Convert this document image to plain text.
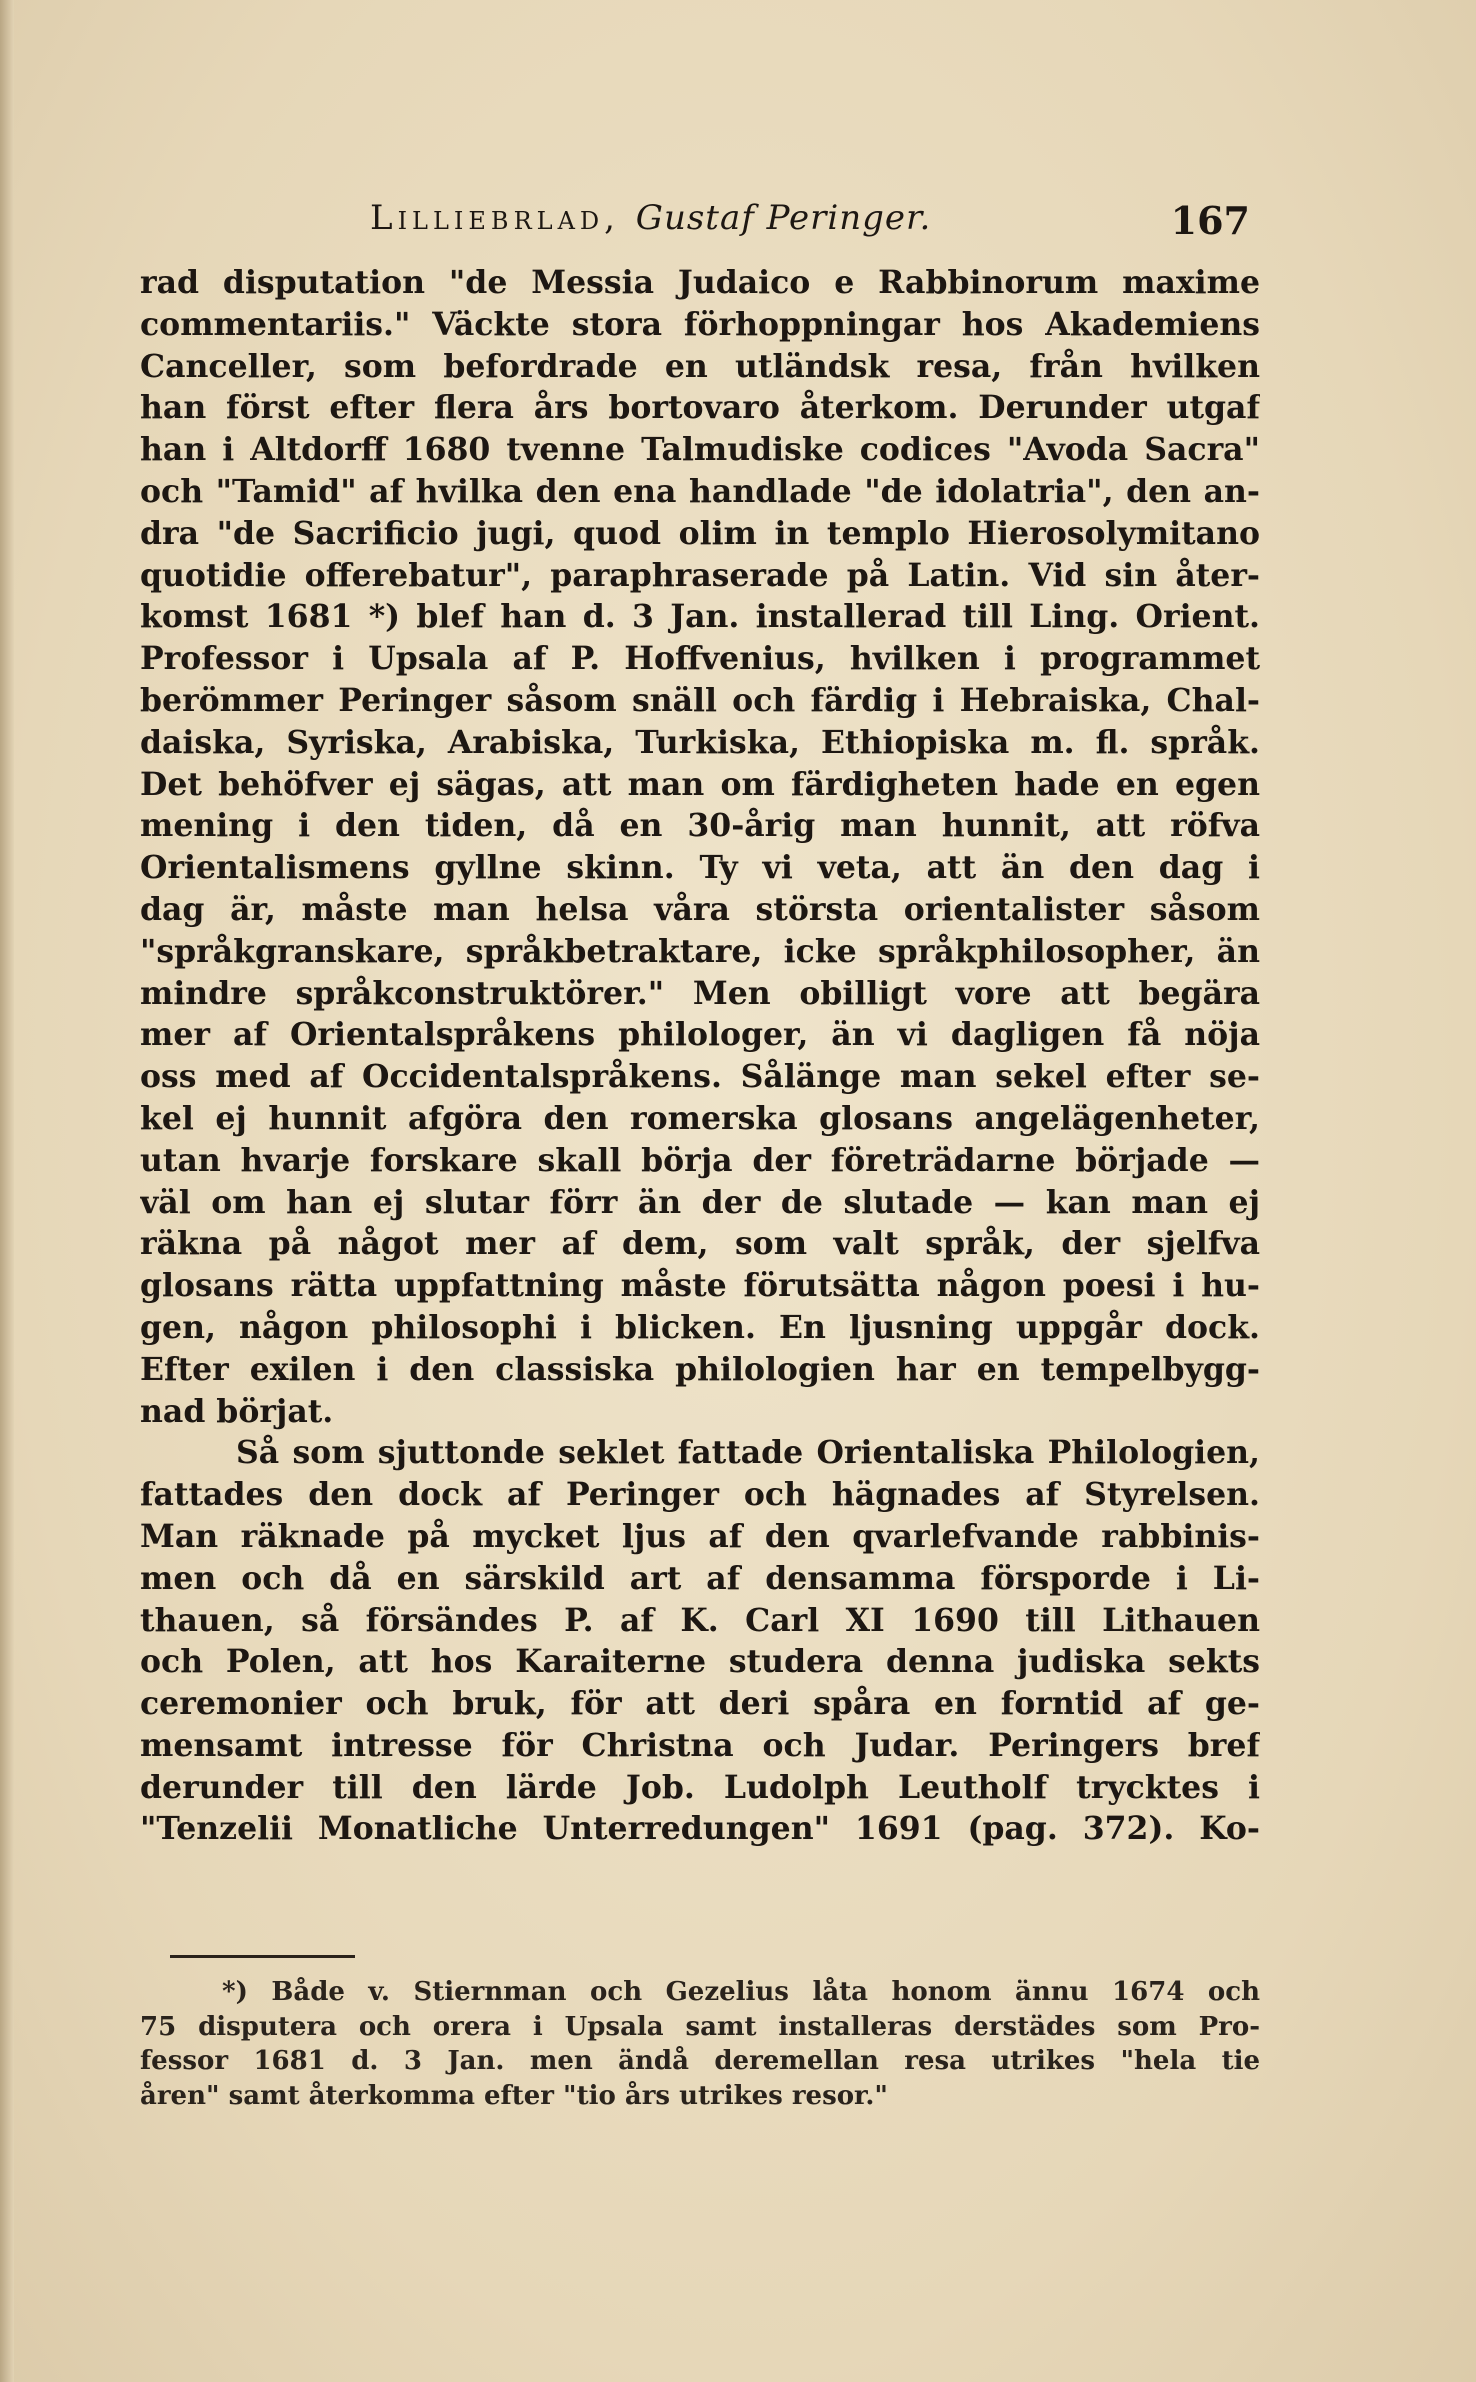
Lilliebrlad, Gustaf Peringer.	167
rad disputation "de Messia Judaico e Rabbinorum maxime
commentariis." Väckte stora förhoppningar hos Akademiens
Canceller, som befordrade en utländsk resa, från hvilken
han först efter flera års bortovaro återkom. Derunder utgaf
han i Altdorff 1680 tvenne Talmudiske codices "Avoda Sacra"
och "Tamid" af hvilka den ena handlade "de idolatria", den an-
dra "de Sacrificio jugi, quod olim in templo Hierosolymitano
quotidie offerebatur", paraphraserade på Latin. Vid sin åter-
komst 1681 *) blef han d. 3 Jan. installerad till Ling. Orient.
Professor i Upsala af P. Hoffvenius, hvilken i programmet
berömmer Peringer såsom snäll och färdig i Hebraiska, Chal-
daiska, Syriska, Arabiska, Turkiska, Ethiopiska m. fl. språk.
Det behöfver ej sägas, att man om färdigheten hade en egen
mening i den tiden, då en 30-årig man hunnit, att röfva
Orientalismens gyllne skinn. Ty vi veta, att än den dag i
dag är, måste man helsa våra största orientalister såsom
"språkgranskare, språkbetraktare, icke språkphilosopher, än
mindre språkconstruktörer." Men obilligt vore att begära
mer af Orientalspråkens philologer, än vi dagligen få nöja
oss med af Occidentalspråkens. Sålänge man sekel efter se-
kel ej hunnit afgöra den romerska glosans angelägenheter,
utan hvarje forskare skall börja der företrädarne började —
väl om han ej slutar förr än der de slutade — kan man ej
räkna på något mer af dem, som valt språk, der sjelfva
glosans rätta uppfattning måste förutsätta någon poesi i hu-
gen, någon philosophi i blicken. En ljusning uppgår dock.
Efter exilen i den classiska philologien har en tempelbygg-
nad börjat.
Så som sjuttonde seklet fattade Orientaliska Philologien,
fattades den dock af Peringer och hägnades af Styrelsen.
Man räknade på mycket ljus af den qvarlefvande rabbinis-
men och då en särskild art af densamma försporde i Li-
thauen, så försändes P. af K. Carl XI 1690 till Lithauen
och Polen, att hos Karaiterne studera denna judiska sekts
ceremonier och bruk, för att deri spåra en forntid af ge-
mensamt intresse för Christna och Judar. Peringers bref
derunder till den lärde Job. Ludolph Leutholf trycktes i
"Tenzelii Monatliche Unterredungen" 1691 (pag. 372). Ko-
*) Både v. Stiernman och Gezelius låta honom ännu 1674 och
75 disputera och orera i Upsala samt installeras derstädes som Pro-
fessor 1681 d. 3 Jan. men ändå deremellan resa utrikes "hela tie
åren" samt återkomma efter "tio års utrikes resor."
